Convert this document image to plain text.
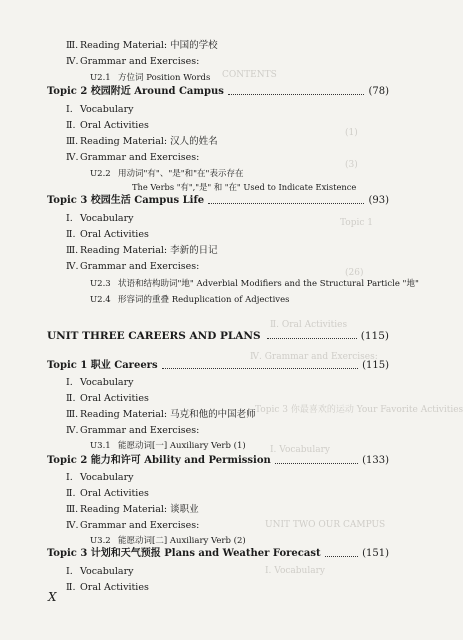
CONTENTS
(1)
(3)
Topic 1
(26)
Ⅱ. Oral Activities
Ⅳ. Grammar and Exercises:
Topic 3 你最喜欢的运动 Your Favorite Activities
Ⅰ. Vocabulary
UNIT TWO OUR CAMPUS
Ⅰ. Vocabulary
Ⅲ. Reading Material: 中国的学校
Ⅳ.Grammar and Exercises:
U2.1 方位词 Position Words
Topic 2 校园附近 Around Campus	(78)
Ⅰ. Vocabulary
Ⅱ. Oral Activities
Ⅲ. Reading Material: 汉人的姓名
Ⅳ.Grammar and Exercises:
U2.2 用动词"有"、"是"和"在"表示存在
The Verbs "有","是" 和 "在" Used to Indicate Existence
Topic 3 校园生活 Campus Life	(93)
Ⅰ. Vocabulary
Ⅱ. Oral Activities
Ⅲ. Reading Material: 李新的日记
Ⅳ.Grammar and Exercises:
U2.3 状语和结构助词"地" Adverbial Modifiers and the Structural Particle "地"
U2.4 形容词的重叠 Reduplication of Adjectives
UNIT THREE CAREERS AND PLANS	(115)
Topic 1 职业 Careers	(115)
Ⅰ. Vocabulary
Ⅱ. Oral Activities
Ⅲ. Reading Material: 马克和他的中国老师
Ⅳ.Grammar and Exercises:
U3.1 能愿动词[一] Auxiliary Verb (1)
Topic 2 能力和许可 Ability and Permission	(133)
Ⅰ. Vocabulary
Ⅱ. Oral Activities
Ⅲ. Reading Material: 谈职业
Ⅳ.Grammar and Exercises:
U3.2 能愿动词[二] Auxiliary Verb (2)
Topic 3 计划和天气预报 Plans and Weather Forecast	(151)
Ⅰ. Vocabulary
Ⅱ. Oral Activities
X
